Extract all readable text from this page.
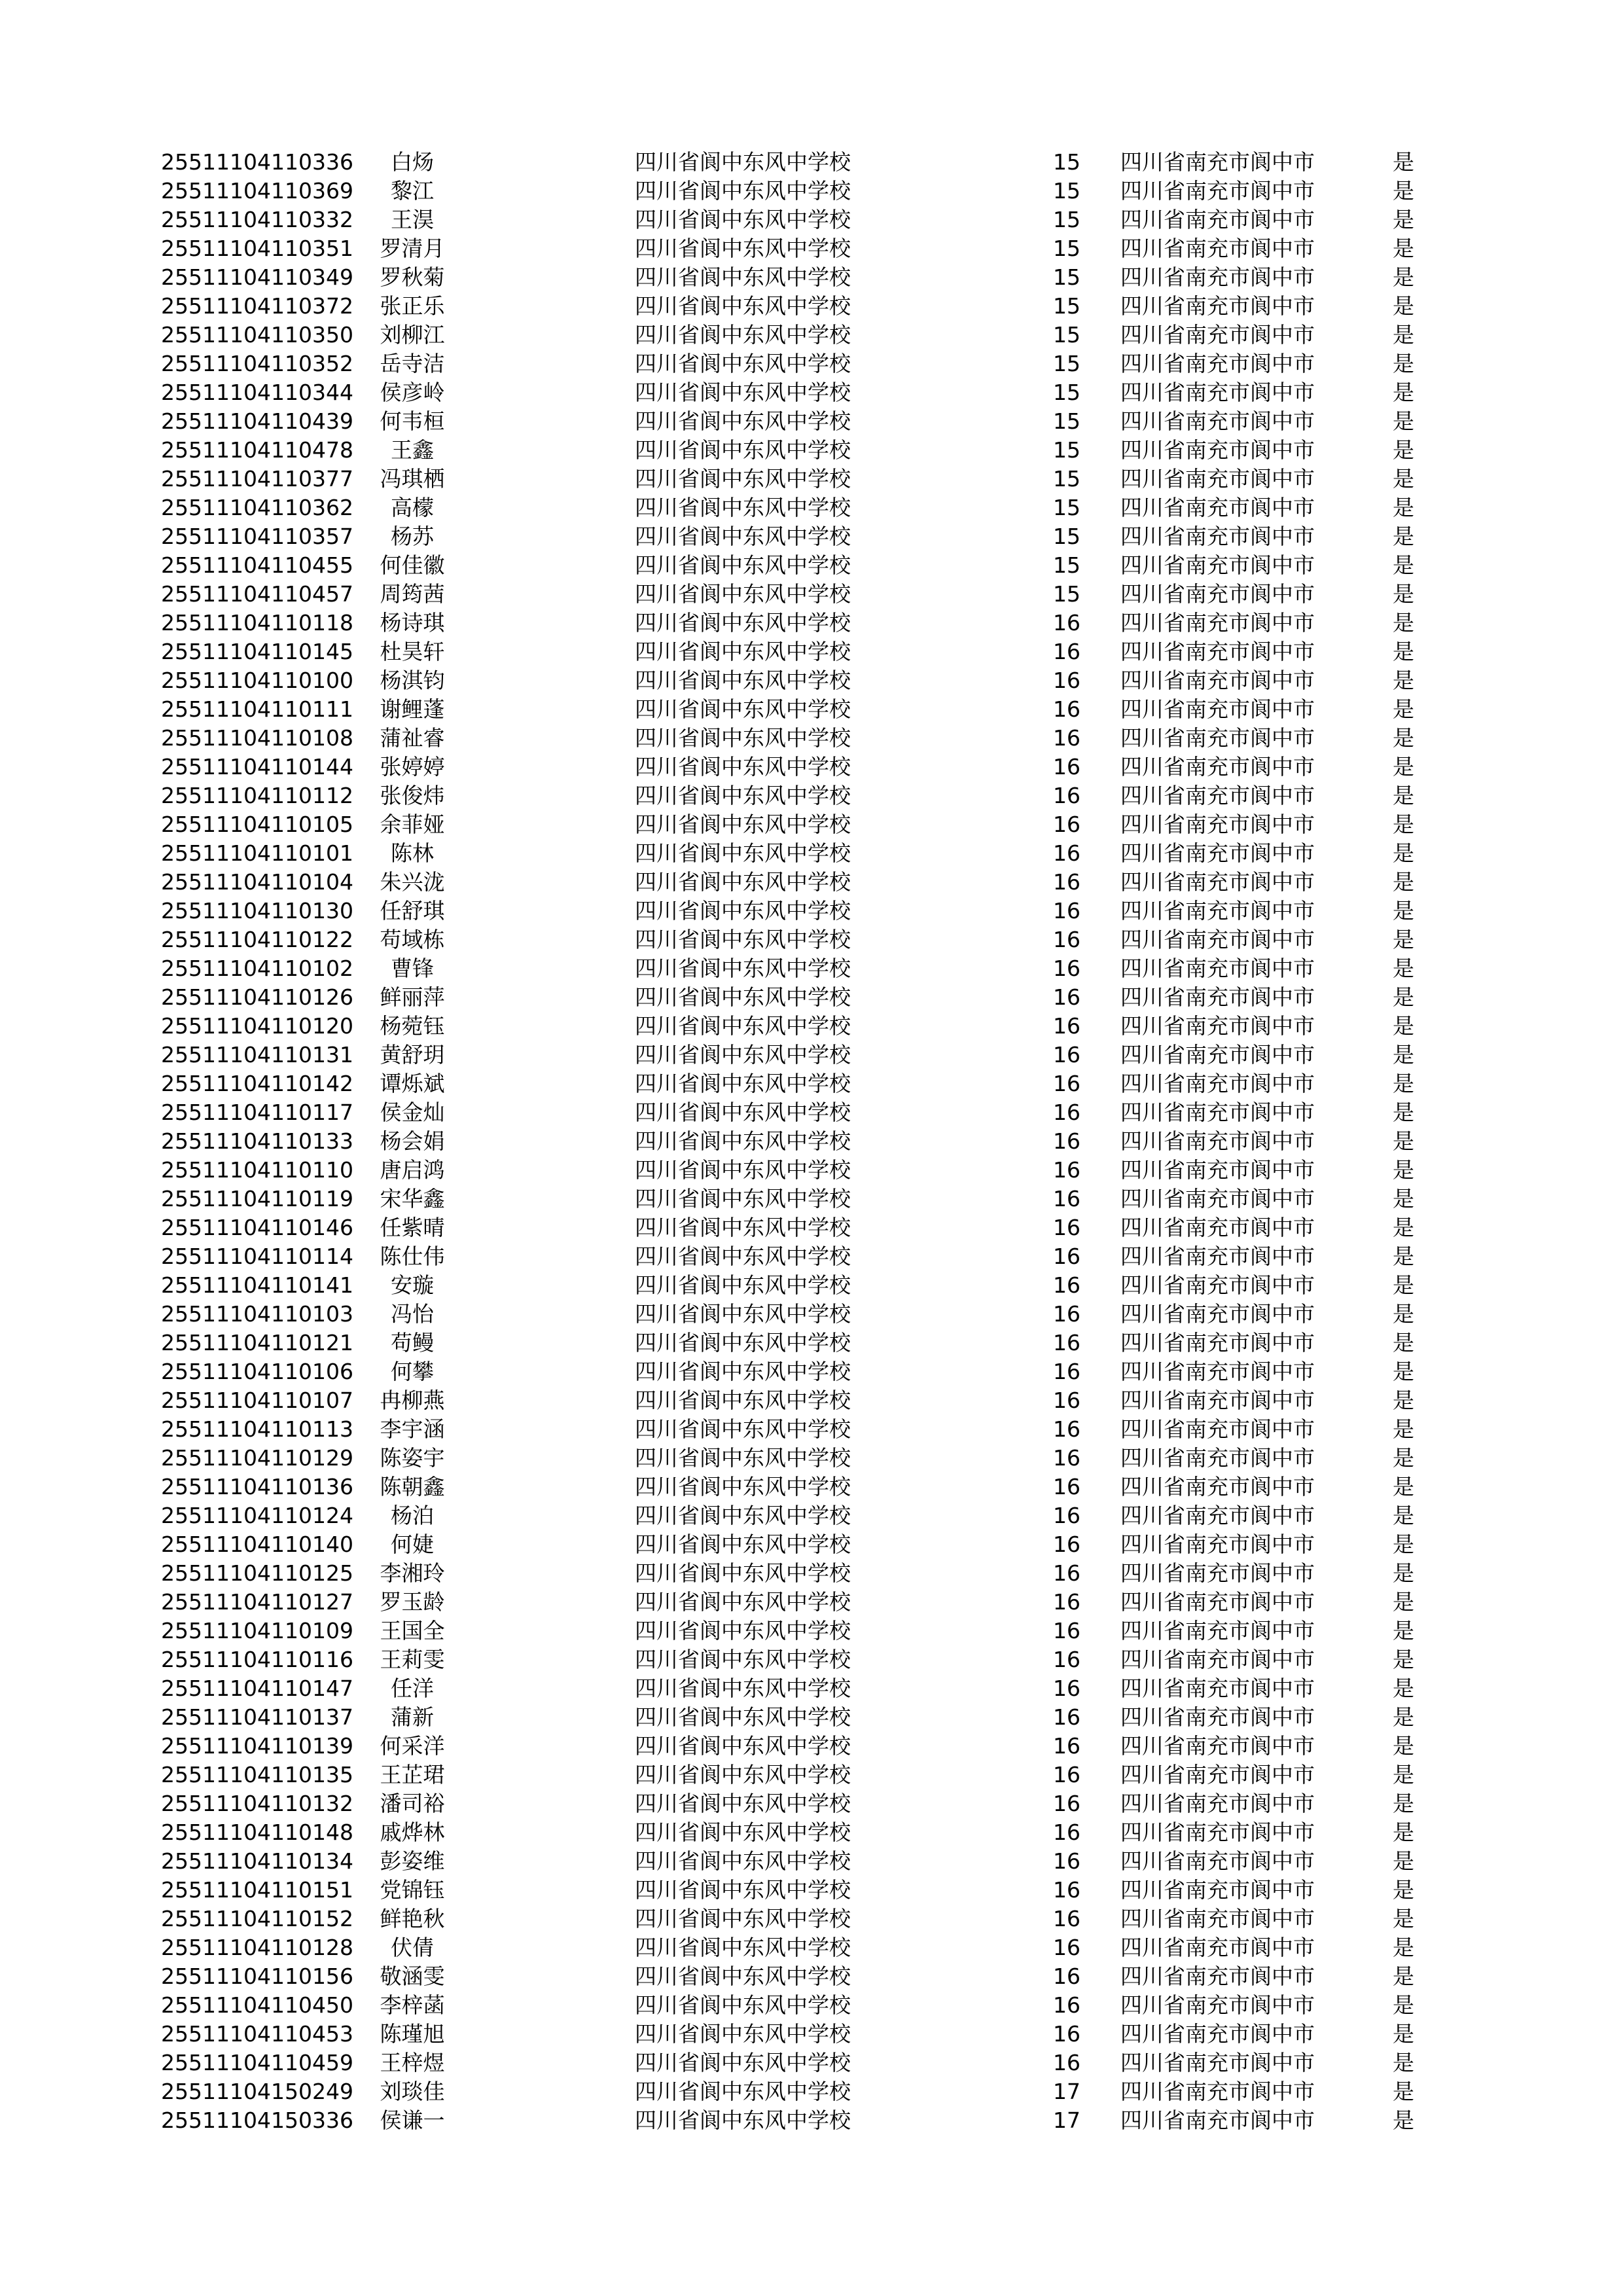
25511104110336	白炀	四川省阆中东风中学校	15	四川省南充市阆中市	是
25511104110369	黎江	四川省阆中东风中学校	15	四川省南充市阆中市	是
25511104110332	王淏	四川省阆中东风中学校	15	四川省南充市阆中市	是
25511104110351	罗清月	四川省阆中东风中学校	15	四川省南充市阆中市	是
25511104110349	罗秋菊	四川省阆中东风中学校	15	四川省南充市阆中市	是
25511104110372	张正乐	四川省阆中东风中学校	15	四川省南充市阆中市	是
25511104110350	刘柳江	四川省阆中东风中学校	15	四川省南充市阆中市	是
25511104110352	岳寺洁	四川省阆中东风中学校	15	四川省南充市阆中市	是
25511104110344	侯彦岭	四川省阆中东风中学校	15	四川省南充市阆中市	是
25511104110439	何韦桓	四川省阆中东风中学校	15	四川省南充市阆中市	是
25511104110478	王鑫	四川省阆中东风中学校	15	四川省南充市阆中市	是
25511104110377	冯琪栖	四川省阆中东风中学校	15	四川省南充市阆中市	是
25511104110362	高檬	四川省阆中东风中学校	15	四川省南充市阆中市	是
25511104110357	杨苏	四川省阆中东风中学校	15	四川省南充市阆中市	是
25511104110455	何佳徽	四川省阆中东风中学校	15	四川省南充市阆中市	是
25511104110457	周筠茜	四川省阆中东风中学校	15	四川省南充市阆中市	是
25511104110118	杨诗琪	四川省阆中东风中学校	16	四川省南充市阆中市	是
25511104110145	杜昊轩	四川省阆中东风中学校	16	四川省南充市阆中市	是
25511104110100	杨淇钧	四川省阆中东风中学校	16	四川省南充市阆中市	是
25511104110111	谢鲤蓬	四川省阆中东风中学校	16	四川省南充市阆中市	是
25511104110108	蒲祉睿	四川省阆中东风中学校	16	四川省南充市阆中市	是
25511104110144	张婷婷	四川省阆中东风中学校	16	四川省南充市阆中市	是
25511104110112	张俊炜	四川省阆中东风中学校	16	四川省南充市阆中市	是
25511104110105	余菲娅	四川省阆中东风中学校	16	四川省南充市阆中市	是
25511104110101	陈林	四川省阆中东风中学校	16	四川省南充市阆中市	是
25511104110104	朱兴泷	四川省阆中东风中学校	16	四川省南充市阆中市	是
25511104110130	任舒琪	四川省阆中东风中学校	16	四川省南充市阆中市	是
25511104110122	苟域栋	四川省阆中东风中学校	16	四川省南充市阆中市	是
25511104110102	曹锋	四川省阆中东风中学校	16	四川省南充市阆中市	是
25511104110126	鲜丽萍	四川省阆中东风中学校	16	四川省南充市阆中市	是
25511104110120	杨菀钰	四川省阆中东风中学校	16	四川省南充市阆中市	是
25511104110131	黄舒玥	四川省阆中东风中学校	16	四川省南充市阆中市	是
25511104110142	谭烁斌	四川省阆中东风中学校	16	四川省南充市阆中市	是
25511104110117	侯金灿	四川省阆中东风中学校	16	四川省南充市阆中市	是
25511104110133	杨会娟	四川省阆中东风中学校	16	四川省南充市阆中市	是
25511104110110	唐启鸿	四川省阆中东风中学校	16	四川省南充市阆中市	是
25511104110119	宋华鑫	四川省阆中东风中学校	16	四川省南充市阆中市	是
25511104110146	任紫晴	四川省阆中东风中学校	16	四川省南充市阆中市	是
25511104110114	陈仕伟	四川省阆中东风中学校	16	四川省南充市阆中市	是
25511104110141	安璇	四川省阆中东风中学校	16	四川省南充市阆中市	是
25511104110103	冯怡	四川省阆中东风中学校	16	四川省南充市阆中市	是
25511104110121	苟鳗	四川省阆中东风中学校	16	四川省南充市阆中市	是
25511104110106	何攀	四川省阆中东风中学校	16	四川省南充市阆中市	是
25511104110107	冉柳燕	四川省阆中东风中学校	16	四川省南充市阆中市	是
25511104110113	李宇涵	四川省阆中东风中学校	16	四川省南充市阆中市	是
25511104110129	陈姿宇	四川省阆中东风中学校	16	四川省南充市阆中市	是
25511104110136	陈朝鑫	四川省阆中东风中学校	16	四川省南充市阆中市	是
25511104110124	杨泊	四川省阆中东风中学校	16	四川省南充市阆中市	是
25511104110140	何婕	四川省阆中东风中学校	16	四川省南充市阆中市	是
25511104110125	李湘玲	四川省阆中东风中学校	16	四川省南充市阆中市	是
25511104110127	罗玉龄	四川省阆中东风中学校	16	四川省南充市阆中市	是
25511104110109	王国全	四川省阆中东风中学校	16	四川省南充市阆中市	是
25511104110116	王莉雯	四川省阆中东风中学校	16	四川省南充市阆中市	是
25511104110147	任洋	四川省阆中东风中学校	16	四川省南充市阆中市	是
25511104110137	蒲新	四川省阆中东风中学校	16	四川省南充市阆中市	是
25511104110139	何采洋	四川省阆中东风中学校	16	四川省南充市阆中市	是
25511104110135	王芷珺	四川省阆中东风中学校	16	四川省南充市阆中市	是
25511104110132	潘司裕	四川省阆中东风中学校	16	四川省南充市阆中市	是
25511104110148	戚烨林	四川省阆中东风中学校	16	四川省南充市阆中市	是
25511104110134	彭姿维	四川省阆中东风中学校	16	四川省南充市阆中市	是
25511104110151	党锦钰	四川省阆中东风中学校	16	四川省南充市阆中市	是
25511104110152	鲜艳秋	四川省阆中东风中学校	16	四川省南充市阆中市	是
25511104110128	伏倩	四川省阆中东风中学校	16	四川省南充市阆中市	是
25511104110156	敬涵雯	四川省阆中东风中学校	16	四川省南充市阆中市	是
25511104110450	李梓菡	四川省阆中东风中学校	16	四川省南充市阆中市	是
25511104110453	陈瑾旭	四川省阆中东风中学校	16	四川省南充市阆中市	是
25511104110459	王梓煜	四川省阆中东风中学校	16	四川省南充市阆中市	是
25511104150249	刘琰佳	四川省阆中东风中学校	17	四川省南充市阆中市	是
25511104150336	侯谦一	四川省阆中东风中学校	17	四川省南充市阆中市	是
